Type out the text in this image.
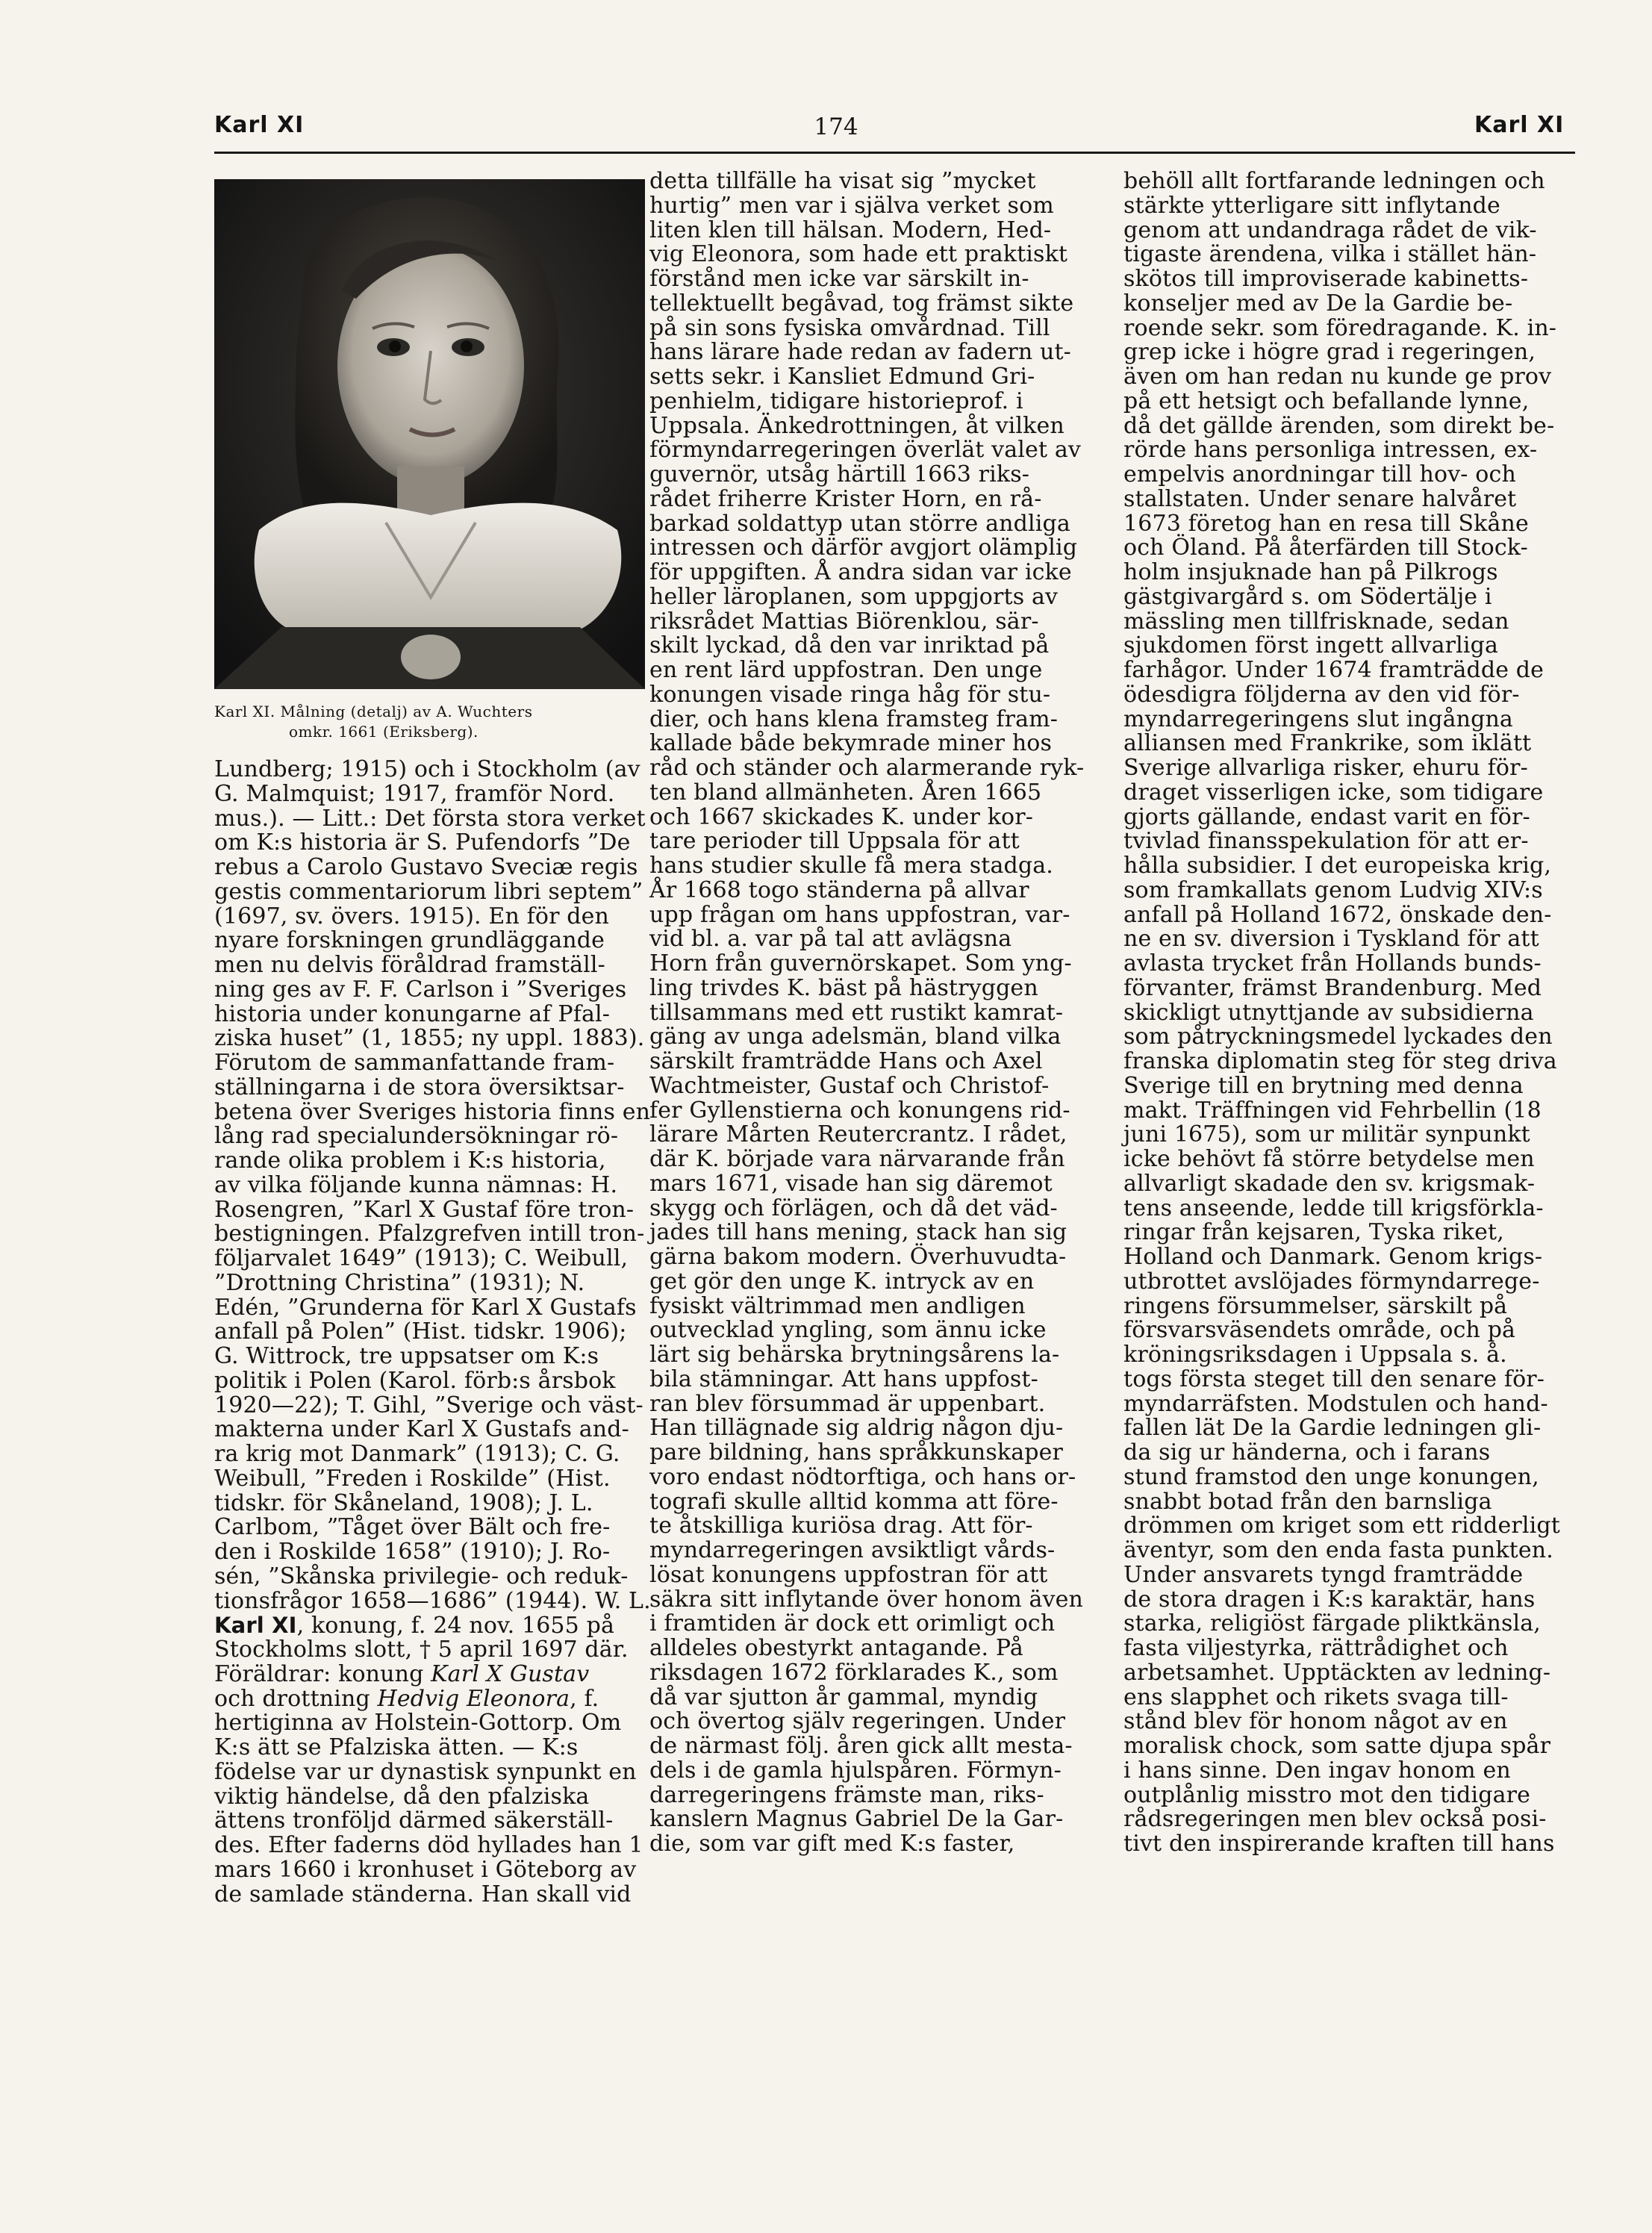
Karl XI	174	Karl XI
Karl XI. Målning (detalj) av A. Wuchters
omkr. 1661 (Eriksberg).
Lundberg; 1915) och i Stockholm (av
G. Malmquist; 1917, framför Nord.
mus.). — Litt.: Det första stora verket
om K:s historia är S. Pufendorfs ”De
rebus a Carolo Gustavo Sveciæ regis
gestis commentariorum libri septem”
(1697, sv. övers. 1915). En för den
nyare forskningen grundläggande
men nu delvis föråldrad framställ-
ning ges av F. F. Carlson i ”Sveriges
historia under konungarne af Pfal-
ziska huset” (1, 1855; ny uppl. 1883).
Förutom de sammanfattande fram-
ställningarna i de stora översiktsar-
betena över Sveriges historia finns en
lång rad specialundersökningar rö-
rande olika problem i K:s historia,
av vilka följande kunna nämnas: H.
Rosengren, ”Karl X Gustaf före tron-
bestigningen. Pfalzgrefven intill tron-
följarvalet 1649” (1913); C. Weibull,
”Drottning Christina” (1931); N.
Edén, ”Grunderna för Karl X Gustafs
anfall på Polen” (Hist. tidskr. 1906);
G. Wittrock, tre uppsatser om K:s
politik i Polen (Karol. förb:s årsbok
1920—22); T. Gihl, ”Sverige och väst-
makterna under Karl X Gustafs and-
ra krig mot Danmark” (1913); C. G.
Weibull, ”Freden i Roskilde” (Hist.
tidskr. för Skåneland, 1908); J. L.
Carlbom, ”Tåget över Bält och fre-
den i Roskilde 1658” (1910); J. Ro-
sén, ”Skånska privilegie- och reduk-
tionsfrågor 1658—1686” (1944). W. L.
Karl XI, konung, f. 24 nov. 1655 på
Stockholms slott, † 5 april 1697 där.
Föräldrar: konung Karl X Gustav
och drottning Hedvig Eleonora, f.
hertiginna av Holstein-Gottorp. Om
K:s ätt se Pfalziska ätten. — K:s
födelse var ur dynastisk synpunkt en
viktig händelse, då den pfalziska
ättens tronföljd därmed säkerställ-
des. Efter faderns död hyllades han 1
mars 1660 i kronhuset i Göteborg av
de samlade ständerna. Han skall vid
detta tillfälle ha visat sig ”mycket
hurtig” men var i själva verket som
liten klen till hälsan. Modern, Hed-
vig Eleonora, som hade ett praktiskt
förstånd men icke var särskilt in-
tellektuellt begåvad, tog främst sikte
på sin sons fysiska omvårdnad. Till
hans lärare hade redan av fadern ut-
setts sekr. i Kansliet Edmund Gri-
penhielm, tidigare historieprof. i
Uppsala. Änkedrottningen, åt vilken
förmyndarregeringen överlät valet av
guvernör, utsåg härtill 1663 riks-
rådet friherre Krister Horn, en rå-
barkad soldattyp utan större andliga
intressen och därför avgjort olämplig
för uppgiften. Å andra sidan var icke
heller läroplanen, som uppgjorts av
riksrådet Mattias Biörenklou, sär-
skilt lyckad, då den var inriktad på
en rent lärd uppfostran. Den unge
konungen visade ringa håg för stu-
dier, och hans klena framsteg fram-
kallade både bekymrade miner hos
råd och ständer och alarmerande ryk-
ten bland allmänheten. Åren 1665
och 1667 skickades K. under kor-
tare perioder till Uppsala för att
hans studier skulle få mera stadga.
År 1668 togo ständerna på allvar
upp frågan om hans uppfostran, var-
vid bl. a. var på tal att avlägsna
Horn från guvernörskapet. Som yng-
ling trivdes K. bäst på hästryggen
tillsammans med ett rustikt kamrat-
gäng av unga adelsmän, bland vilka
särskilt framträdde Hans och Axel
Wachtmeister, Gustaf och Christof-
fer Gyllenstierna och konungens rid-
lärare Mårten Reutercrantz. I rådet,
där K. började vara närvarande från
mars 1671, visade han sig däremot
skygg och förlägen, och då det väd-
jades till hans mening, stack han sig
gärna bakom modern. Överhuvudta-
get gör den unge K. intryck av en
fysiskt vältrimmad men andligen
outvecklad yngling, som ännu icke
lärt sig behärska brytningsårens la-
bila stämningar. Att hans uppfost-
ran blev försummad är uppenbart.
Han tillägnade sig aldrig någon dju-
pare bildning, hans språkkunskaper
voro endast nödtorftiga, och hans or-
tografi skulle alltid komma att före-
te åtskilliga kuriösa drag. Att för-
myndarregeringen avsiktligt vårds-
lösat konungens uppfostran för att
säkra sitt inflytande över honom även
i framtiden är dock ett orimligt och
alldeles obestyrkt antagande. På
riksdagen 1672 förklarades K., som
då var sjutton år gammal, myndig
och övertog själv regeringen. Under
de närmast följ. åren gick allt mesta-
dels i de gamla hjulspåren. Förmyn-
darregeringens främste man, riks-
kanslern Magnus Gabriel De la Gar-
die, som var gift med K:s faster,
behöll allt fortfarande ledningen och
stärkte ytterligare sitt inflytande
genom att undandraga rådet de vik-
tigaste ärendena, vilka i stället hän-
skötos till improviserade kabinetts-
konseljer med av De la Gardie be-
roende sekr. som föredragande. K. in-
grep icke i högre grad i regeringen,
även om han redan nu kunde ge prov
på ett hetsigt och befallande lynne,
då det gällde ärenden, som direkt be-
rörde hans personliga intressen, ex-
empelvis anordningar till hov- och
stallstaten. Under senare halvåret
1673 företog han en resa till Skåne
och Öland. På återfärden till Stock-
holm insjuknade han på Pilkrogs
gästgivargård s. om Södertälje i
mässling men tillfrisknade, sedan
sjukdomen först ingett allvarliga
farhågor. Under 1674 framträdde de
ödesdigra följderna av den vid för-
myndarregeringens slut ingångna
alliansen med Frankrike, som iklätt
Sverige allvarliga risker, ehuru för-
draget visserligen icke, som tidigare
gjorts gällande, endast varit en för-
tvivlad finansspekulation för att er-
hålla subsidier. I det europeiska krig,
som framkallats genom Ludvig XIV:s
anfall på Holland 1672, önskade den-
ne en sv. diversion i Tyskland för att
avlasta trycket från Hollands bunds-
förvanter, främst Brandenburg. Med
skickligt utnyttjande av subsidierna
som påtryckningsmedel lyckades den
franska diplomatin steg för steg driva
Sverige till en brytning med denna
makt. Träffningen vid Fehrbellin (18
juni 1675), som ur militär synpunkt
icke behövt få större betydelse men
allvarligt skadade den sv. krigsmak-
tens anseende, ledde till krigsförkla-
ringar från kejsaren, Tyska riket,
Holland och Danmark. Genom krigs-
utbrottet avslöjades förmyndarrege-
ringens försummelser, särskilt på
försvarsväsendets område, och på
kröningsriksdagen i Uppsala s. å.
togs första steget till den senare för-
myndarräfsten. Modstulen och hand-
fallen lät De la Gardie ledningen gli-
da sig ur händerna, och i farans
stund framstod den unge konungen,
snabbt botad från den barnsliga
drömmen om kriget som ett ridderligt
äventyr, som den enda fasta punkten.
Under ansvarets tyngd framträdde
de stora dragen i K:s karaktär, hans
starka, religiöst färgade pliktkänsla,
fasta viljestyrka, rättrådighet och
arbetsamhet. Upptäckten av ledning-
ens slapphet och rikets svaga till-
stånd blev för honom något av en
moralisk chock, som satte djupa spår
i hans sinne. Den ingav honom en
outplånlig misstro mot den tidigare
rådsregeringen men blev också posi-
tivt den inspirerande kraften till hans
